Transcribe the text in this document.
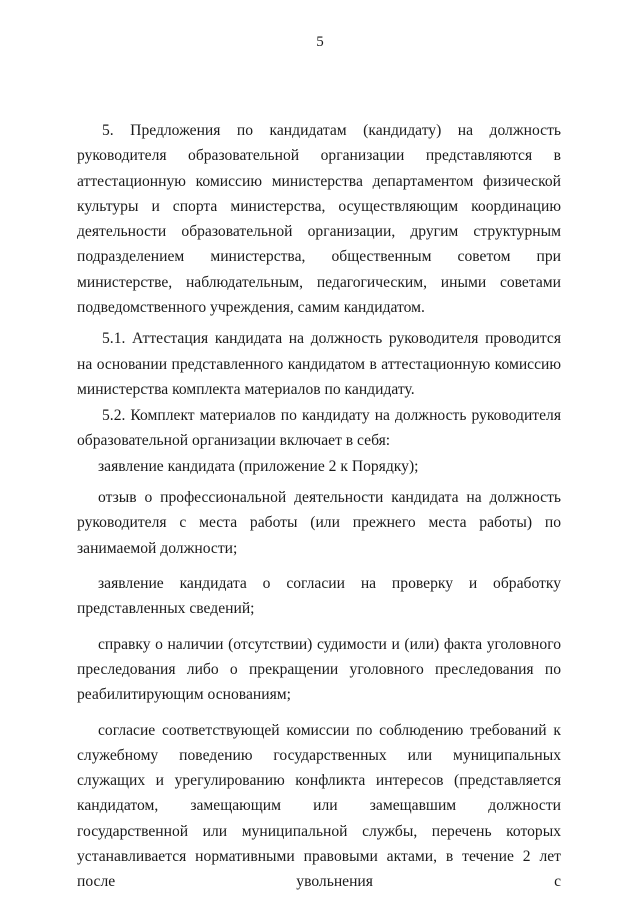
5

5. Предложения по кандидатам (кандидату) на должность руководителя образовательной организации представляются в аттестационную комиссию министерства департаментом физической культуры и спорта министерства, осуществляющим координацию деятельности образовательной организации, другим структурным подразделением министерства, общественным советом при министерстве, наблюдательным, педагогическим, иными советами подведомственного учреждения, самим кандидатом.

5.1. Аттестация кандидата на должность руководителя проводится на основании представленного кандидатом в аттестационную комиссию министерства комплекта материалов по кандидату.

5.2. Комплект материалов по кандидату на должность руководителя образовательной организации включает в себя:

заявление кандидата (приложение 2 к Порядку);

отзыв о профессиональной деятельности кандидата на должность руководителя с места работы (или прежнего места работы) по занимаемой должности;

заявление кандидата о согласии на проверку и обработку представленных сведений;

справку о наличии (отсутствии) судимости и (или) факта уголовного преследования либо о прекращении уголовного преследования по реабилитирующим основаниям;

согласие соответствующей комиссии по соблюдению требований к служебному поведению государственных или муниципальных служащих и урегулированию конфликта интересов (представляется кандидатом, замещающим или замещавшим должности государственной или муниципальной службы, перечень которых устанавливается нормативными правовыми актами, в течение 2 лет после увольнения с
